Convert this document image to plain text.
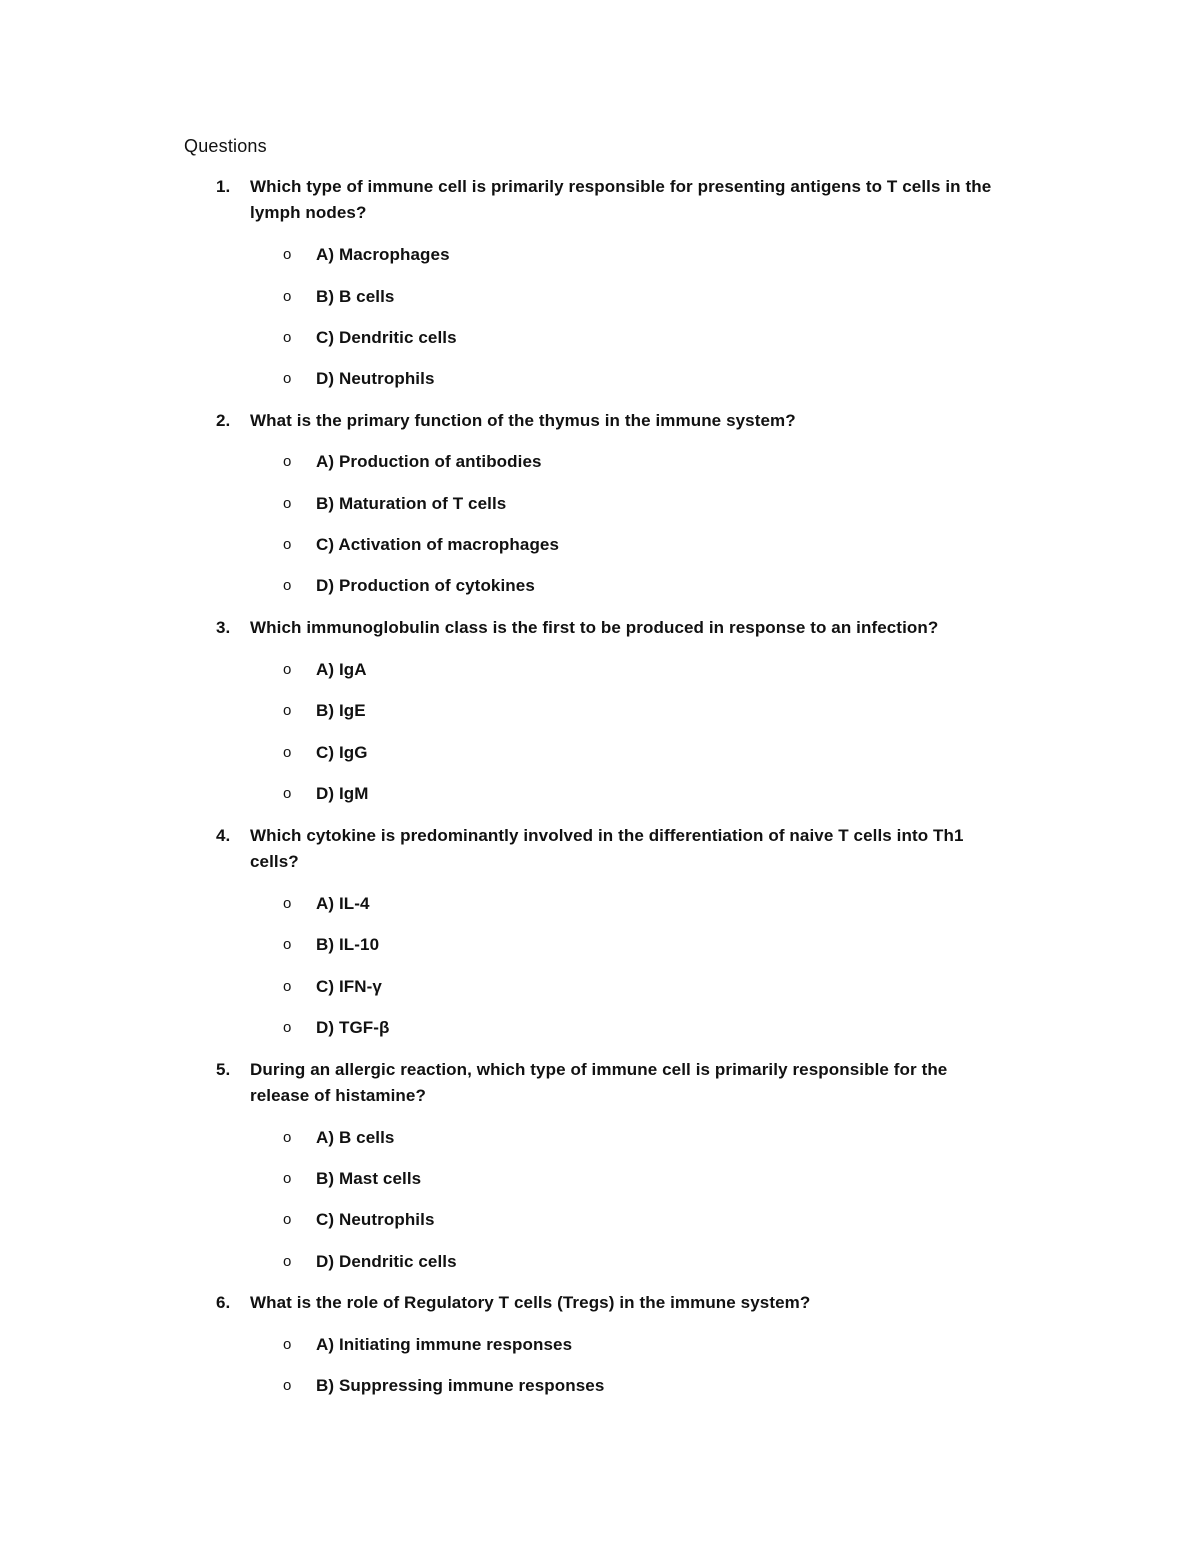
Questions
1. Which type of immune cell is primarily responsible for presenting antigens to T cells in the lymph nodes?
o A) Macrophages
o B) B cells
o C) Dendritic cells
o D) Neutrophils
2. What is the primary function of the thymus in the immune system?
o A) Production of antibodies
o B) Maturation of T cells
o C) Activation of macrophages
o D) Production of cytokines
3. Which immunoglobulin class is the first to be produced in response to an infection?
o A) IgA
o B) IgE
o C) IgG
o D) IgM
4. Which cytokine is predominantly involved in the differentiation of naive T cells into Th1 cells?
o A) IL-4
o B) IL-10
o C) IFN-γ
o D) TGF-β
5. During an allergic reaction, which type of immune cell is primarily responsible for the release of histamine?
o A) B cells
o B) Mast cells
o C) Neutrophils
o D) Dendritic cells
6. What is the role of Regulatory T cells (Tregs) in the immune system?
o A) Initiating immune responses
o B) Suppressing immune responses
